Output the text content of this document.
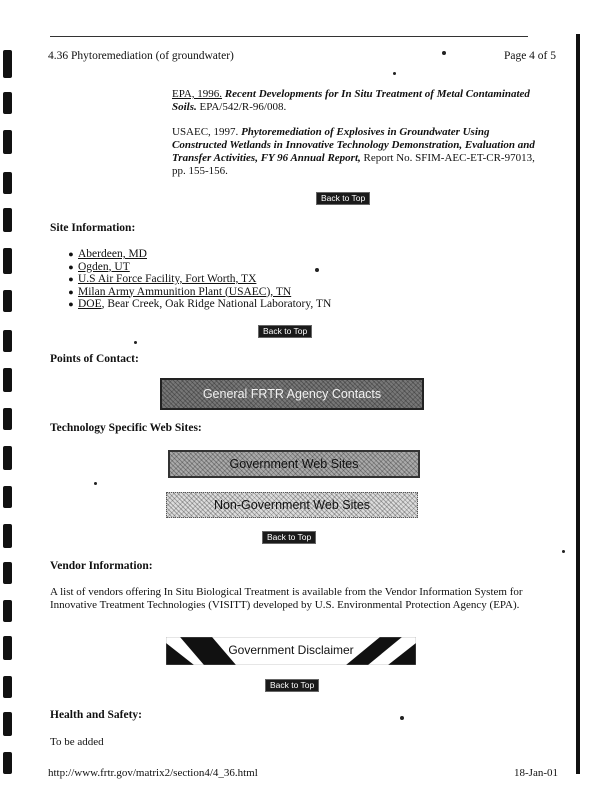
4.36 Phytoremediation (of groundwater)	Page 4 of 5
EPA, 1996. Recent Developments for In Situ Treatment of Metal Contaminated Soils. EPA/542/R-96/008.
USAEC, 1997. Phytoremediation of Explosives in Groundwater Using Constructed Wetlands in Innovative Technology Demonstration, Evaluation and Transfer Activities, FY 96 Annual Report, Report No. SFIM-AEC-ET-CR-97013, pp. 155-156.
Back to Top
Site Information:
● Aberdeen, MD
● Ogden, UT
● U.S Air Force Facility, Fort Worth, TX
● Milan Army Ammunition Plant (USAEC), TN
● DOE, Bear Creek, Oak Ridge National Laboratory, TN
Back to Top
Points of Contact:
General FRTR Agency Contacts
Technology Specific Web Sites:
Government Web Sites
Non-Government Web Sites
Back to Top
Vendor Information:
A list of vendors offering In Situ Biological Treatment is available from the Vendor Information System for Innovative Treatment Technologies (VISITT) developed by U.S. Environmental Protection Agency (EPA).
Government Disclaimer
Back to Top
Health and Safety:
To be added
http://www.frtr.gov/matrix2/section4/4_36.html	18-Jan-01
